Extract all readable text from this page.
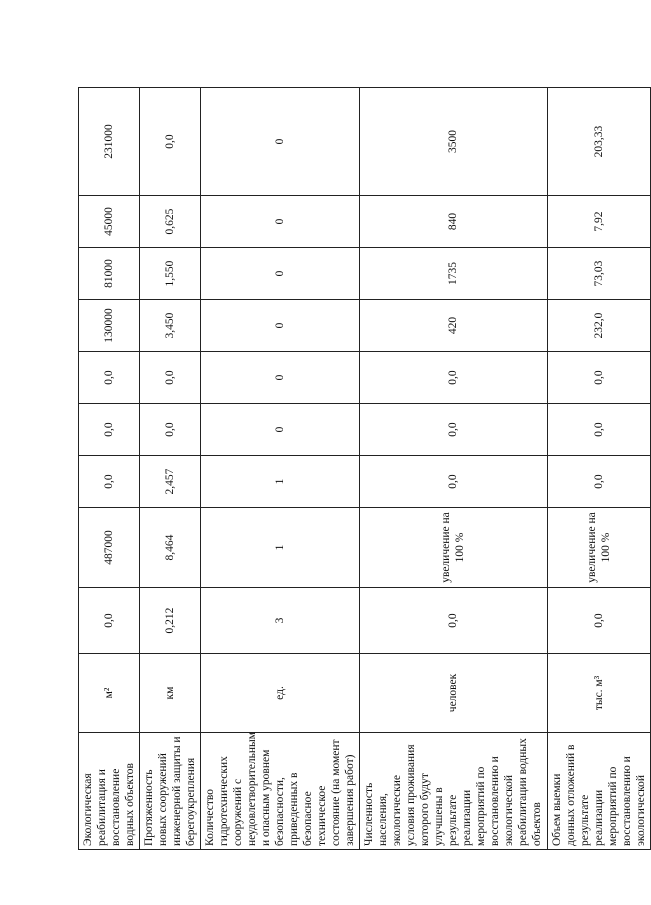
Экологическая реабилитация и восстановление водных объектов	м²	0,0	487000	0,0	0,0	0,0	130000	81000	45000	231000
Протяженность новых сооружений инженерной защиты и берегоукрепления	км	0,212	8,464	2,457	0,0	0,0	3,450	1,550	0,625	0,0
Количество гидротехнических сооружений с неудовлетворительным и опасным уровнем безопасности, приведенных в безопасное техническое состояние (на момент завершения работ)	ед.	3	1	1	0	0	0	0	0	0
Численность населения, экологические условия проживания которого будут улучшены в результате реализации мероприятий по восстановлению и экологической реабилитации водных объектов	человек	0,0	увеличение на 100 %	0,0	0,0	0,0	420	1735	840	3500
Объем выемки донных отложений в результате реализации мероприятий по восстановлению и экологической	тыс. м³	0,0	увеличение на 100 %	0,0	0,0	0,0	232,0	73,03	7,92	203,33
